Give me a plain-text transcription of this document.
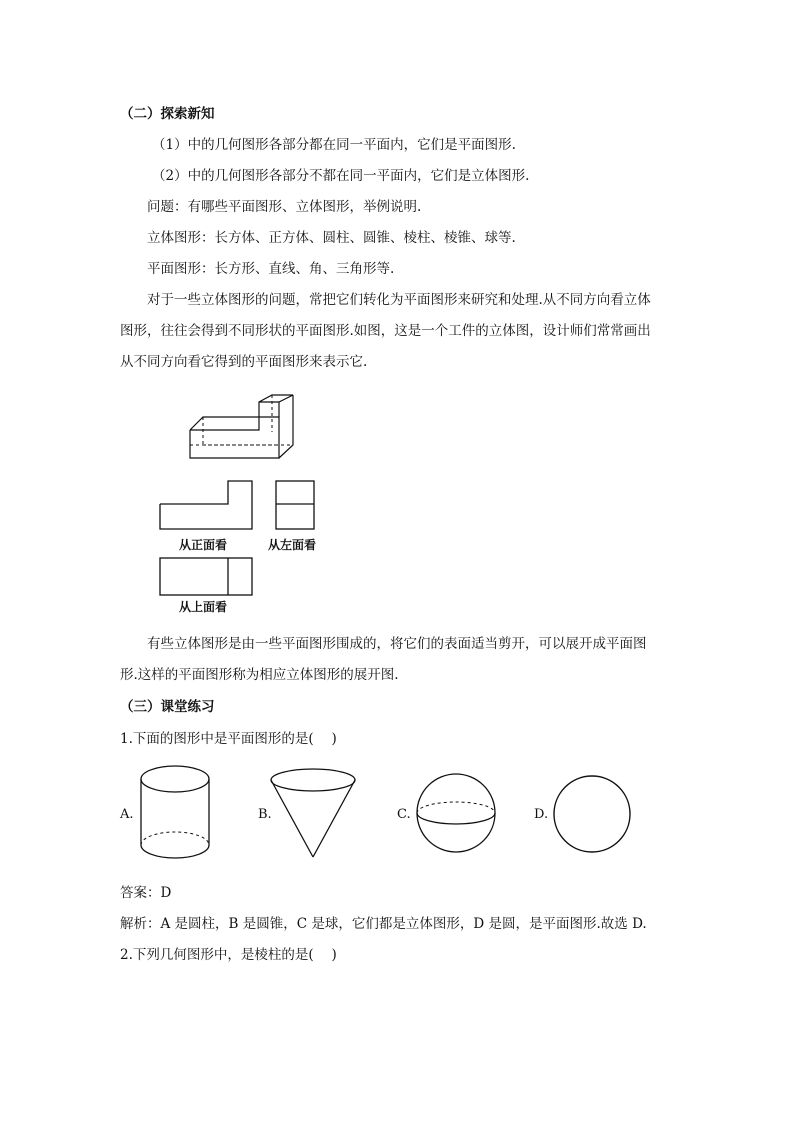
（二）探索新知
（1）中的几何图形各部分都在同一平面内，它们是平面图形.
（2）中的几何图形各部分不都在同一平面内，它们是立体图形.
问题：有哪些平面图形、立体图形，举例说明.
立体图形：长方体、正方体、圆柱、圆锥、棱柱、棱锥、球等.
平面图形：长方形、直线、角、三角形等.
对于一些立体图形的问题，常把它们转化为平面图形来研究和处理.从不同方向看立体
图形，往往会得到不同形状的平面图形.如图，这是一个工件的立体图，设计师们常常画出
从不同方向看它得到的平面图形来表示它.
从正面看	从左面看
从上面看
有些立体图形是由一些平面图形围成的，将它们的表面适当剪开，可以展开成平面图
形.这样的平面图形称为相应立体图形的展开图.
（三）课堂练习
1.下面的图形中是平面图形的是(　 )
A.	B.	C.	D.
答案：D
解析：A 是圆柱，B 是圆锥，C 是球，它们都是立体图形，D 是圆，是平面图形.故选 D.
2.下列几何图形中，是棱柱的是(　 )
